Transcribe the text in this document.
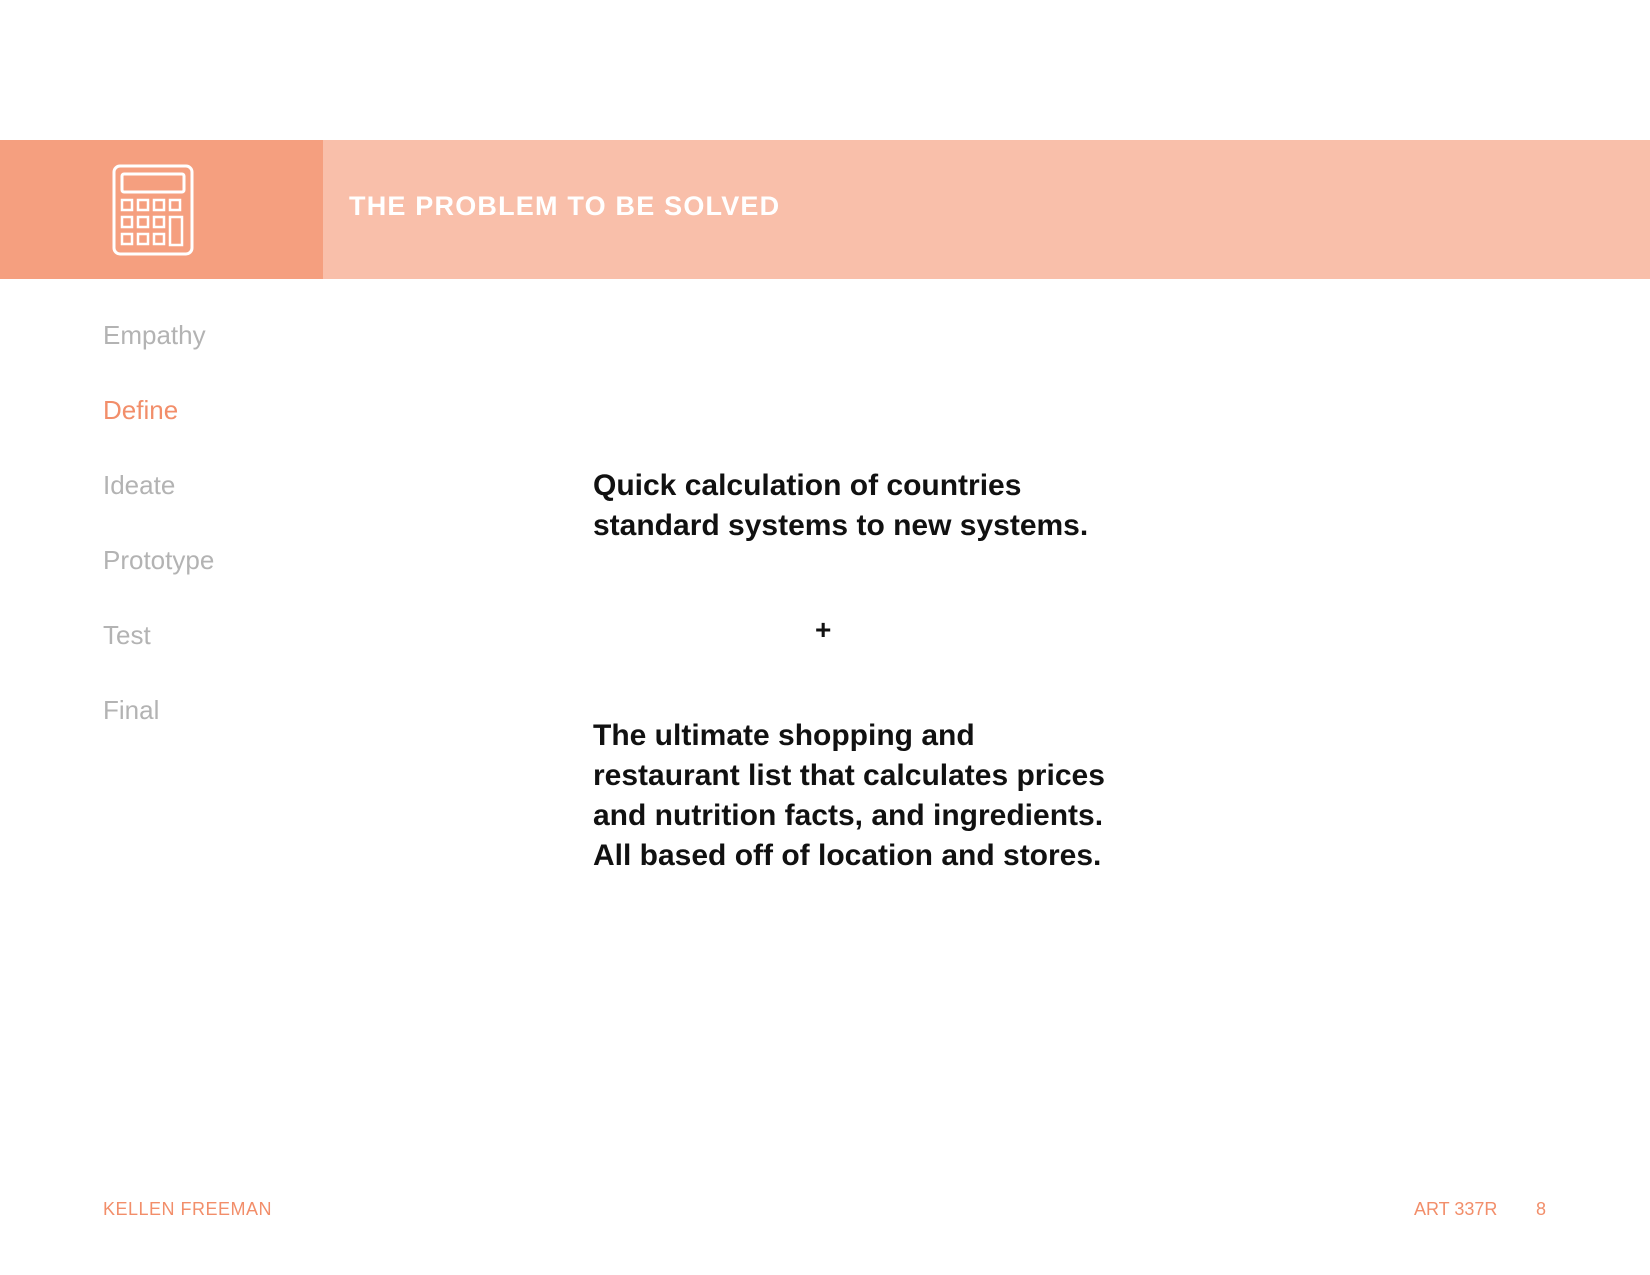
THE PROBLEM TO BE SOLVED
Empathy
Define
Ideate
Prototype
Test
Final

Quick calculation of countries standard systems to new systems.

+

The ultimate shopping and restaurant list that calculates prices and nutrition facts, and ingredients. All based off of location and stores.

KELLEN FREEMAN	ART 337R 8
